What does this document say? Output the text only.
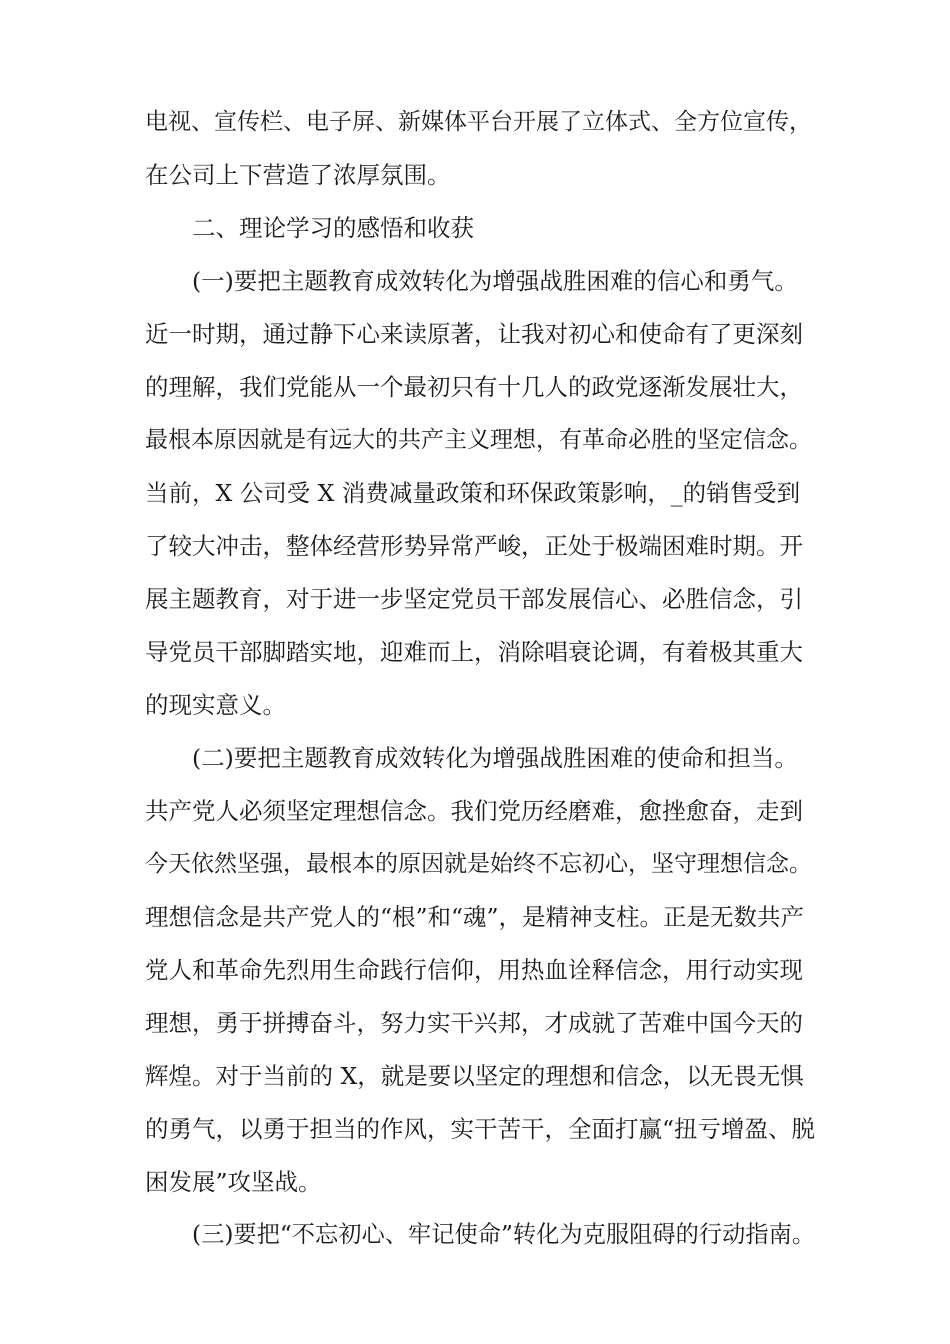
电视、宣传栏、电子屏、新媒体平台开展了立体式、全方位宣传，
在公司上下营造了浓厚氛围。
二、理论学习的感悟和收获
(一)要把主题教育成效转化为增强战胜困难的信心和勇气。
近一时期，通过静下心来读原著，让我对初心和使命有了更深刻
的理解，我们党能从一个最初只有十几人的政党逐渐发展壮大，
最根本原因就是有远大的共产主义理想，有革命必胜的坚定信念。
当前，X 公司受 X 消费减量政策和环保政策影响，_的销售受到
了较大冲击，整体经营形势异常严峻，正处于极端困难时期。开
展主题教育，对于进一步坚定党员干部发展信心、必胜信念，引
导党员干部脚踏实地，迎难而上，消除唱衰论调，有着极其重大
的现实意义。
(二)要把主题教育成效转化为增强战胜困难的使命和担当。
共产党人必须坚定理想信念。我们党历经磨难，愈挫愈奋，走到
今天依然坚强，最根本的原因就是始终不忘初心，坚守理想信念。
理想信念是共产党人的“根”和“魂”，是精神支柱。正是无数共产
党人和革命先烈用生命践行信仰，用热血诠释信念，用行动实现
理想，勇于拼搏奋斗，努力实干兴邦，才成就了苦难中国今天的
辉煌。对于当前的 X，就是要以坚定的理想和信念，以无畏无惧
的勇气，以勇于担当的作风，实干苦干，全面打赢“扭亏增盈、脱
困发展”攻坚战。
(三)要把“不忘初心、牢记使命”转化为克服阻碍的行动指南。
